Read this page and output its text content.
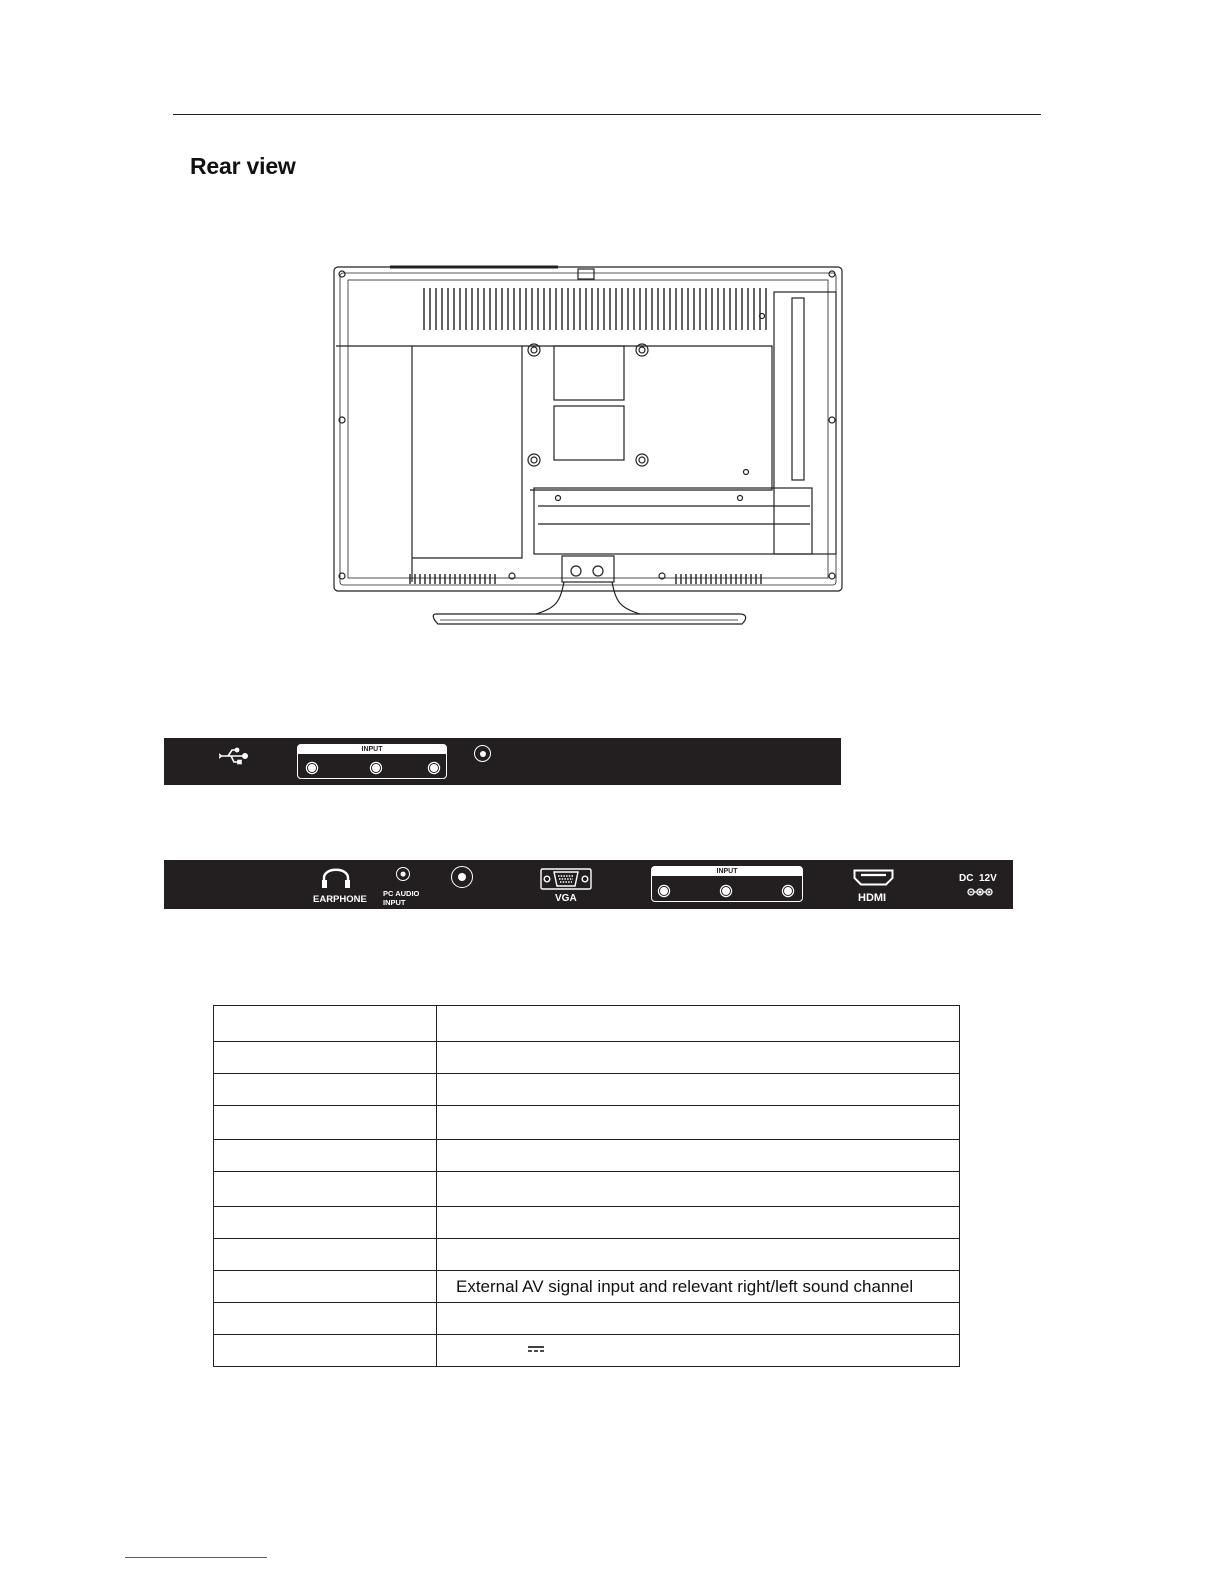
Rear view
INPUT
EARPHONE
PC AUDIO
INPUT	VGA
INPUT
HDMI
DC  12V

	External AV signal input and relevant right/left sound channel
